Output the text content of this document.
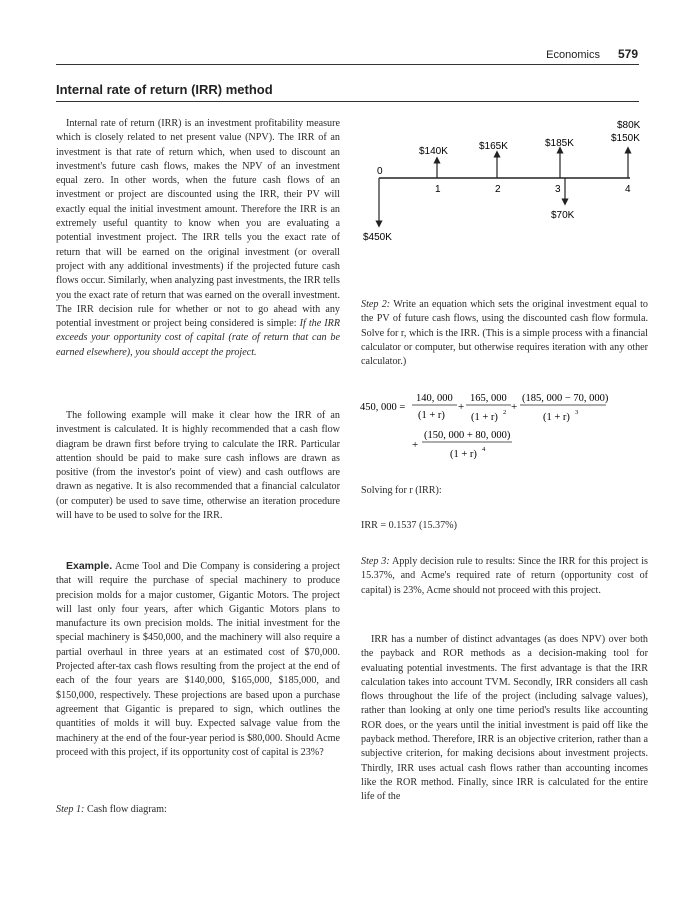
Economics 579
Internal rate of return (IRR) method

Internal rate of return (IRR) is an investment profitability measure which is closely related to net present value (NPV). The IRR of an investment is that rate of return which, when used to discount an investment's future cash flows, makes the NPV of an investment equal zero. In other words, when the future cash flows of an investment or project are discounted using the IRR, their PV will exactly equal the initial investment amount. Therefore the IRR is an extremely useful quantity to know when you are evaluating a potential investment project. The IRR tells you the exact rate of return that will be earned on the original investment (or overall project with any additional investments) if the projected future cash flows occur. Similarly, when analyzing past investments, the IRR tells you the exact rate of return that was earned on the overall investment. The IRR decision rule for whether or not to go ahead with any potential investment or project being considered is simple: If the IRR exceeds your opportunity cost of capital (rate of return that can be earned elsewhere), you should accept the project.

The following example will make it clear how the IRR of an investment is calculated. It is highly recommended that a cash flow diagram be drawn first before trying to calculate the IRR. Particular attention should be paid to make sure cash inflows are drawn as positive (from the investor's point of view) and cash outflows are drawn as negative. It is also recommended that a financial calculator (or computer) be used to save time, otherwise an iteration procedure will have to be used to solve for the IRR.

Example. Acme Tool and Die Company is considering a project that will require the purchase of special machinery to produce precision molds for a major customer, Gigantic Motors. The project will last only four years, after which Gigantic Motors plans to manufacture its own precision molds. The initial investment for the special machinery is $450,000, and the machinery will also require a partial overhaul in three years at an estimated cost of $70,000. Projected after-tax cash flows resulting from the project at the end of each of the four years are $140,000, $165,000, $185,000, and $150,000, respectively. These projections are based upon a purchase agreement that Gigantic is prepared to sign, which outlines the quantities of molds it will buy. Expected salvage value from the machinery at the end of the four-year period is $80,000. Should Acme proceed with this project, if its opportunity cost of capital is 23%?

Step 1: Cash flow diagram:

0
1	2	3	4
$450K
$140K	$165K	$185K
$70K
$150K
$80K

Step 2: Write an equation which sets the original investment equal to the PV of future cash flows, using the discounted cash flow formula. Solve for r, which is the IRR. (This is a simple process with a financial calculator or computer, but otherwise requires iteration with any other calculator.)

450, 000 =
140, 000
(1 + r)
+
165, 000
(1 + r) 2 +
(185, 000 − 70, 000)
(1 + r) 3
+
(150, 000 + 80, 000)
(1 + r) 4

Solving for r (IRR):

IRR = 0.1537 (15.37%)

Step 3: Apply decision rule to results: Since the IRR for this project is 15.37%, and Acme's required rate of return (opportunity cost of capital) is 23%, Acme should not proceed with this project.

IRR has a number of distinct advantages (as does NPV) over both the payback and ROR methods as a decision-making tool for evaluating potential investments. The first advantage is that the IRR calculation takes into account TVM. Secondly, IRR considers all cash flows throughout the life of the project (including salvage values), rather than looking at only one time period's results like accounting ROR does, or the years until the initial investment is paid off like the payback method. Therefore, IRR is an objective criterion, rather than a subjective criterion, for making decisions about investment projects. Thirdly, IRR uses actual cash flows rather than accounting incomes like the ROR method. Finally, since IRR is calculated for the entire life of the
